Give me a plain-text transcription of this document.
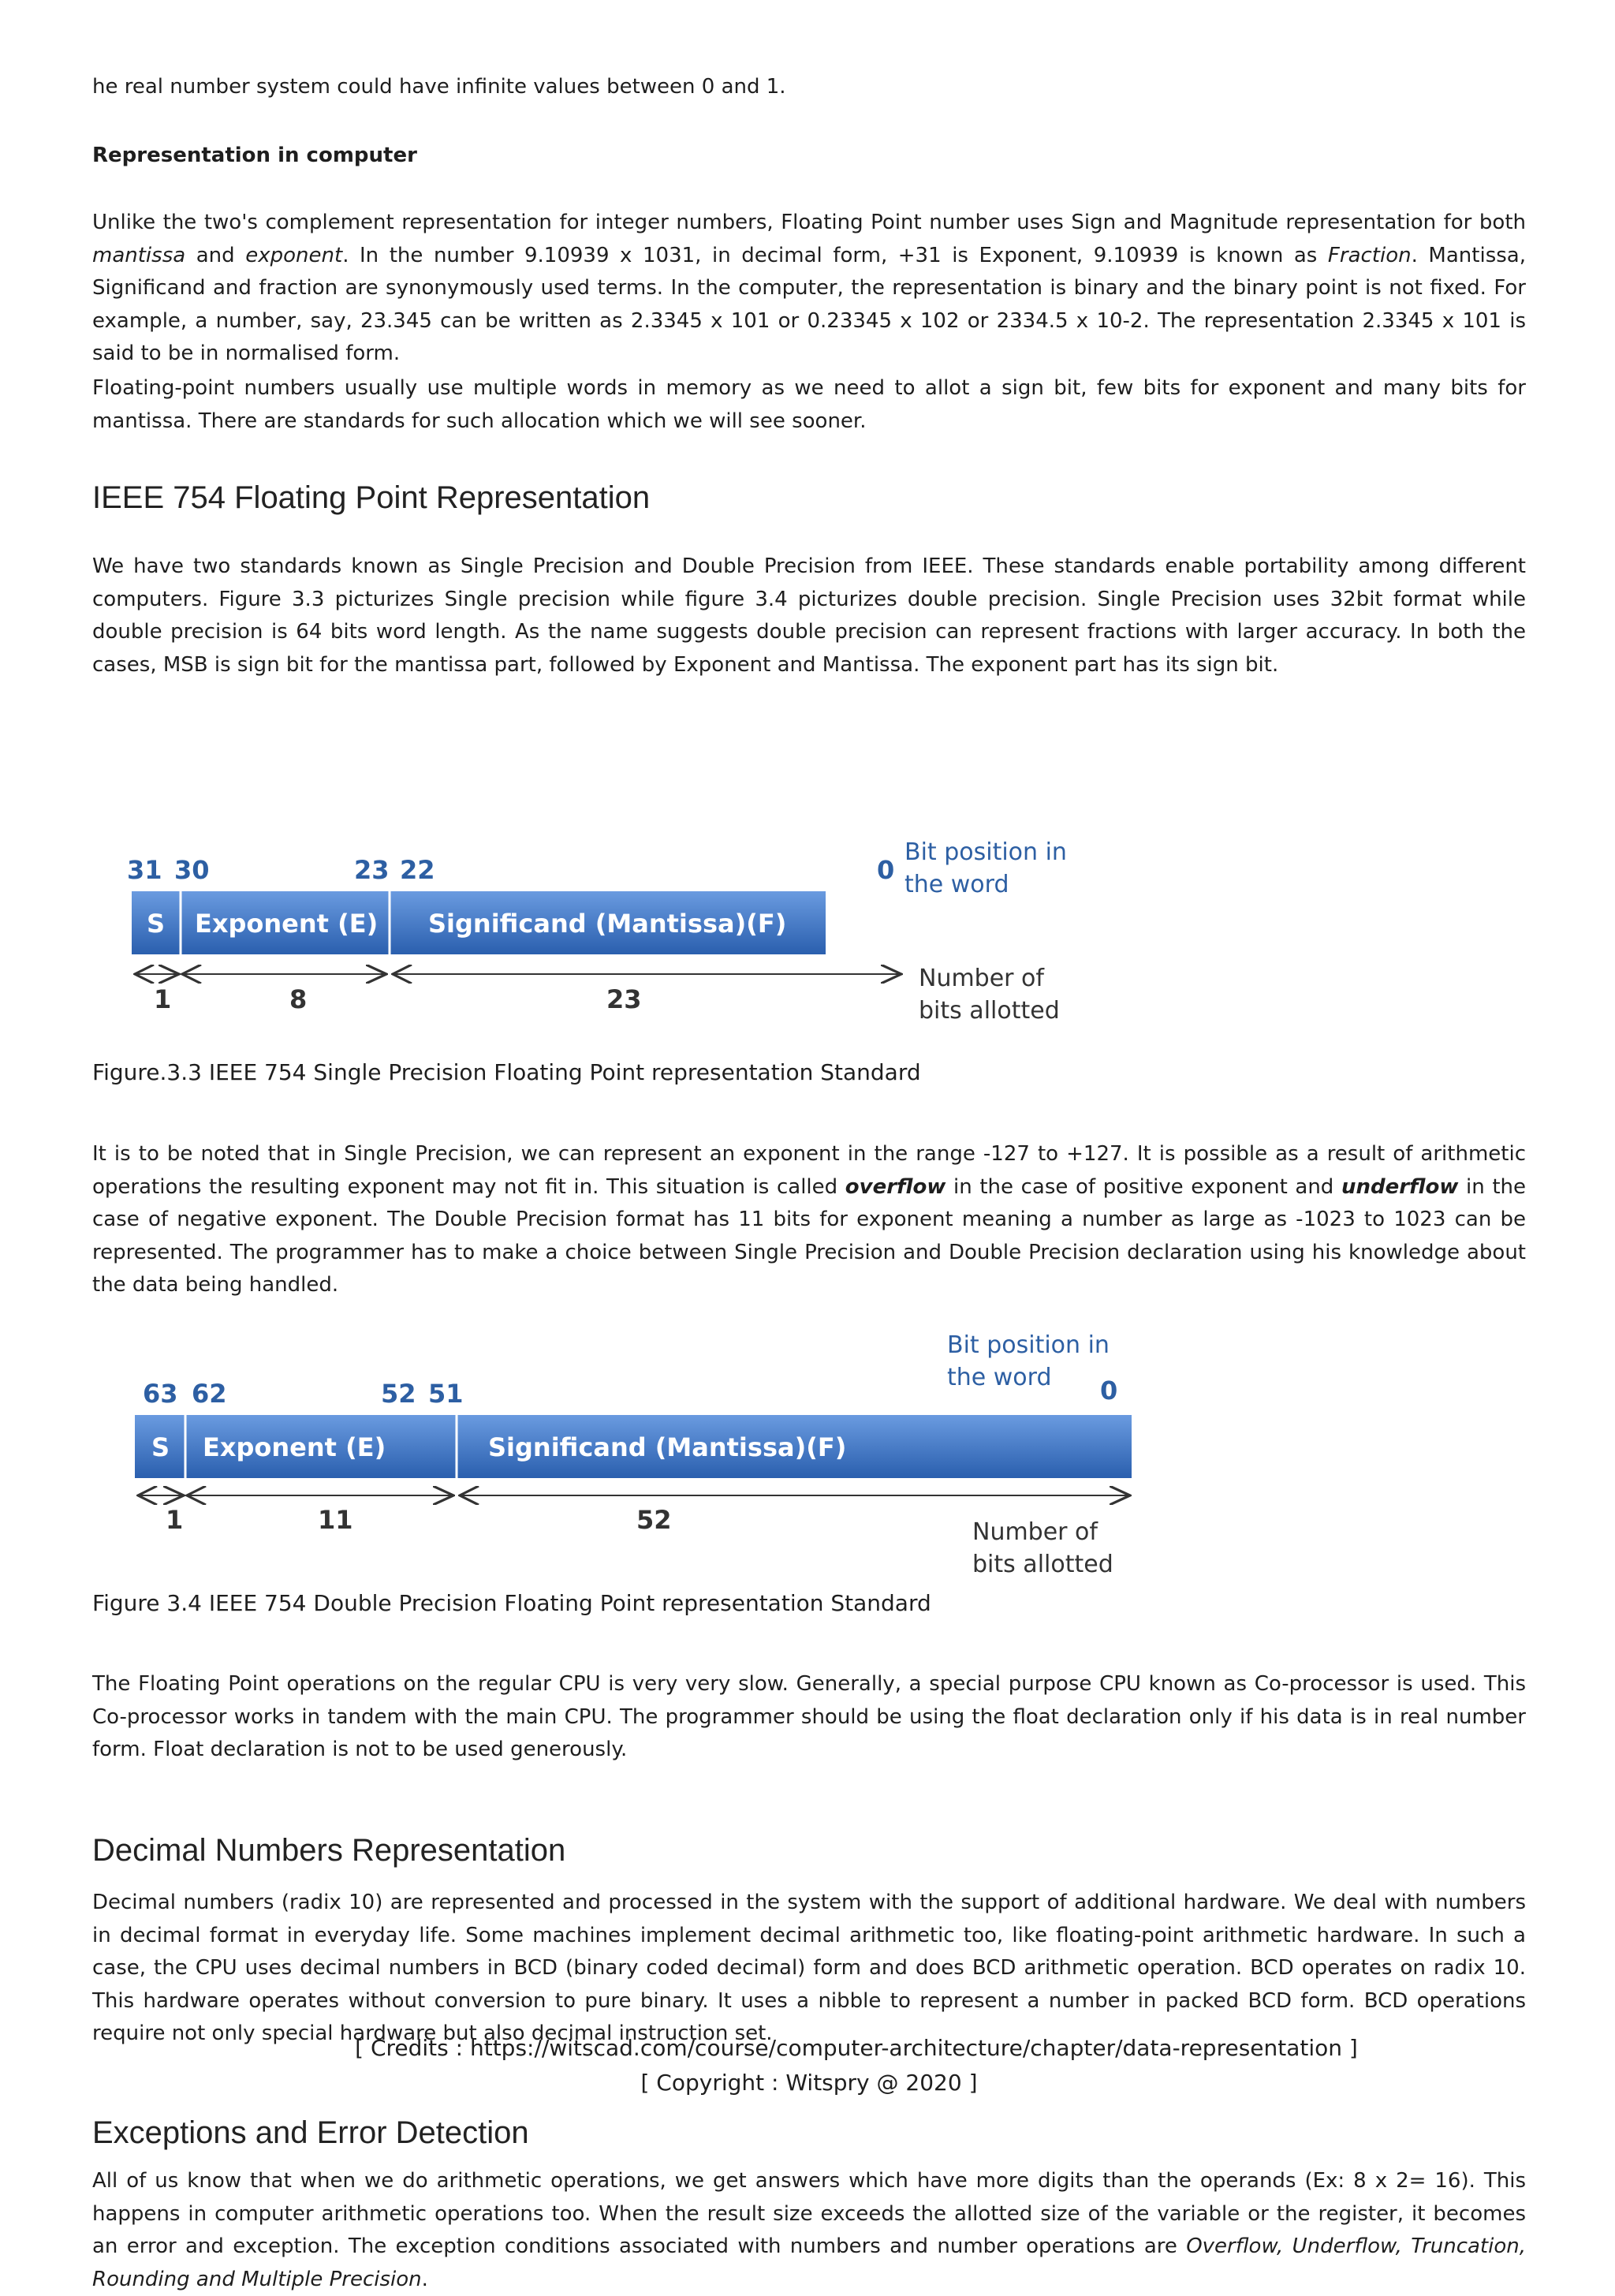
he real number system could have infinite values between 0 and 1.

Representation in computer

Unlike the two's complement representation for integer numbers, Floating Point number uses Sign and Magnitude representation for both mantissa and exponent. In the number 9.10939 x 1031, in decimal form, +31 is Exponent, 9.10939 is known as Fraction. Mantissa, Significand and fraction are synonymously used terms. In the computer, the representation is binary and the binary point is not fixed. For example, a number, say, 23.345 can be written as 2.3345 x 101 or 0.23345 x 102 or 2334.5 x 10-2. The representation 2.3345 x 101 is said to be in normalised form.

Floating-point numbers usually use multiple words in memory as we need to allot a sign bit, few bits for exponent and many bits for mantissa. There are standards for such allocation which we will see sooner.

IEEE 754 Floating Point Representation

We have two standards known as Single Precision and Double Precision from IEEE. These standards enable portability among different computers. Figure 3.3 picturizes Single precision while figure 3.4 picturizes double precision. Single Precision uses 32bit format while double precision is 64 bits word length. As the name suggests double precision can represent fractions with larger accuracy. In both the cases, MSB is sign bit for the mantissa part, followed by Exponent and Mantissa. The exponent part has its sign bit.

31 30	23 22	0
Bit position in
the word
S Exponent (E) Significand (Mantissa)(F)
1	8	23
Number of
bits allotted

Figure.3.3 IEEE 754 Single Precision Floating Point representation Standard

It is to be noted that in Single Precision, we can represent an exponent in the range -127 to +127. It is possible as a result of arithmetic operations the resulting exponent may not fit in. This situation is called overflow in the case of positive exponent and underflow in the case of negative exponent. The Double Precision format has 11 bits for exponent meaning a number as large as -1023 to 1023 can be represented. The programmer has to make a choice between Single Precision and Double Precision declaration using his knowledge about the data being handled.

Bit position in
the word
63 62	52 51	0
S Exponent (E)	Significand (Mantissa)(F)
1	11	52	Number of
bits allotted

Figure 3.4 IEEE 754 Double Precision Floating Point representation Standard

The Floating Point operations on the regular CPU is very very slow. Generally, a special purpose CPU known as Co-processor is used. This Co-processor works in tandem with the main CPU. The programmer should be using the float declaration only if his data is in real number form. Float declaration is not to be used generously.

Decimal Numbers Representation

Decimal numbers (radix 10) are represented and processed in the system with the support of additional hardware. We deal with numbers in decimal format in everyday life. Some machines implement decimal arithmetic too, like floating-point arithmetic hardware. In such a case, the CPU uses decimal numbers in BCD (binary coded decimal) form and does BCD arithmetic operation. BCD operates on radix 10. This hardware operates without conversion to pure binary. It uses a nibble to represent a number in packed BCD form. BCD operations require not only special hardware but also decimal instruction set.

[ Credits : https://witscad.com/course/computer-architecture/chapter/data-representation ]

[ Copyright : Witspry @ 2020 ]

Exceptions and Error Detection

All of us know that when we do arithmetic operations, we get answers which have more digits than the operands (Ex: 8 x 2= 16). This happens in computer arithmetic operations too. When the result size exceeds the allotted size of the variable or the register, it becomes an error and exception. The exception conditions associated with numbers and number operations are Overflow, Underflow, Truncation, Rounding and Multiple Precision.
